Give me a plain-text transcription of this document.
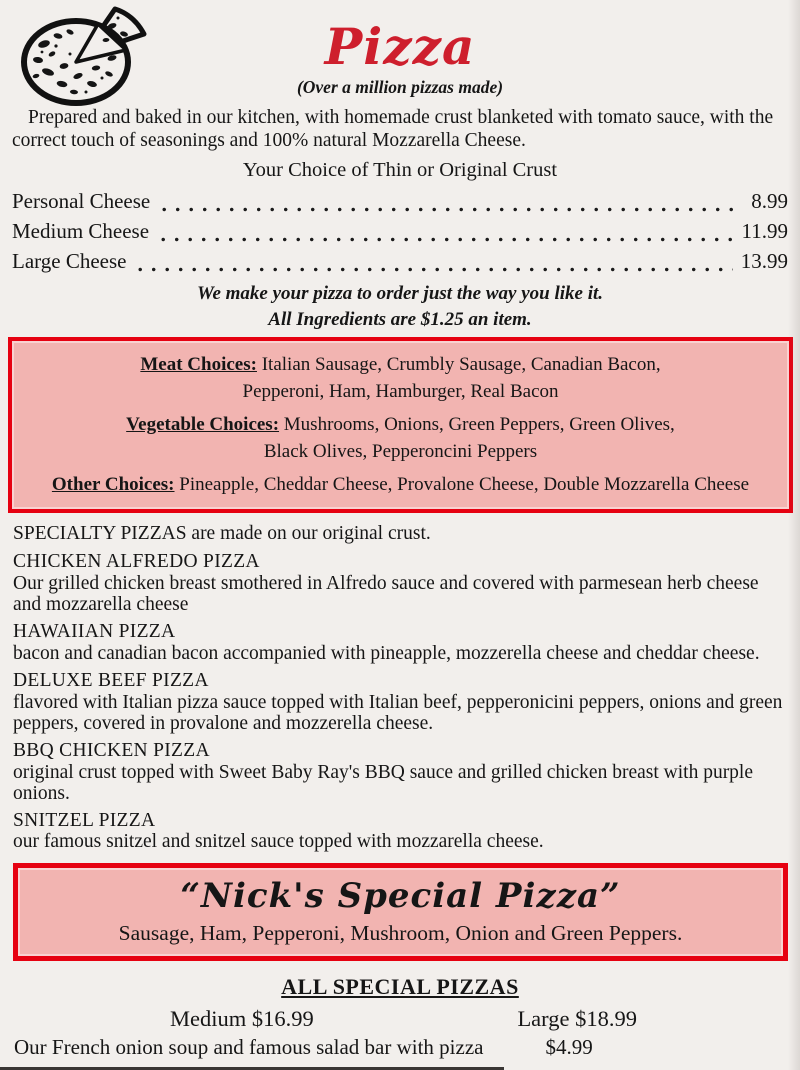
Pizza
(Over a million pizzas made)

Prepared and baked in our kitchen, with homemade crust blanketed with tomato sauce, with the correct touch of seasonings and 100% natural Mozzarella Cheese.

Your Choice of Thin or Original Crust
Personal Cheese	8.99
Medium Cheese	11.99
Large Cheese	13.99
We make your pizza to order just the way you like it.
All Ingredients are $1.25 an item.
Meat Choices: Italian Sausage, Crumbly Sausage, Canadian Bacon,
Pepperoni, Ham, Hamburger, Real Bacon
Vegetable Choices: Mushrooms, Onions, Green Peppers, Green Olives,
Black Olives, Pepperoncini Peppers
Other Choices: Pineapple, Cheddar Cheese, Provalone Cheese, Double Mozzarella Cheese
SPECIALTY PIZZAS are made on our original crust.
CHICKEN ALFREDO PIZZA
Our grilled chicken breast smothered in Alfredo sauce and covered with parmesean herb cheese and mozzarella cheese
HAWAIIAN PIZZA
bacon and canadian bacon accompanied with pineapple, mozzerella cheese and cheddar cheese.
DELUXE BEEF PIZZA
flavored with Italian pizza sauce topped with Italian beef, pepperonicini peppers, onions and green peppers, covered in provalone and mozzerella cheese.
BBQ CHICKEN PIZZA
original crust topped with Sweet Baby Ray's BBQ sauce and grilled chicken breast with purple onions.
SNITZEL PIZZA
our famous snitzel and snitzel sauce topped with mozzarella cheese.
“Nick's Special Pizza”
Sausage, Ham, Pepperoni, Mushroom, Onion and Green Peppers.
ALL SPECIAL PIZZAS
Medium $16.99	Large $18.99
Our French onion soup and famous salad bar with pizza	$4.99
